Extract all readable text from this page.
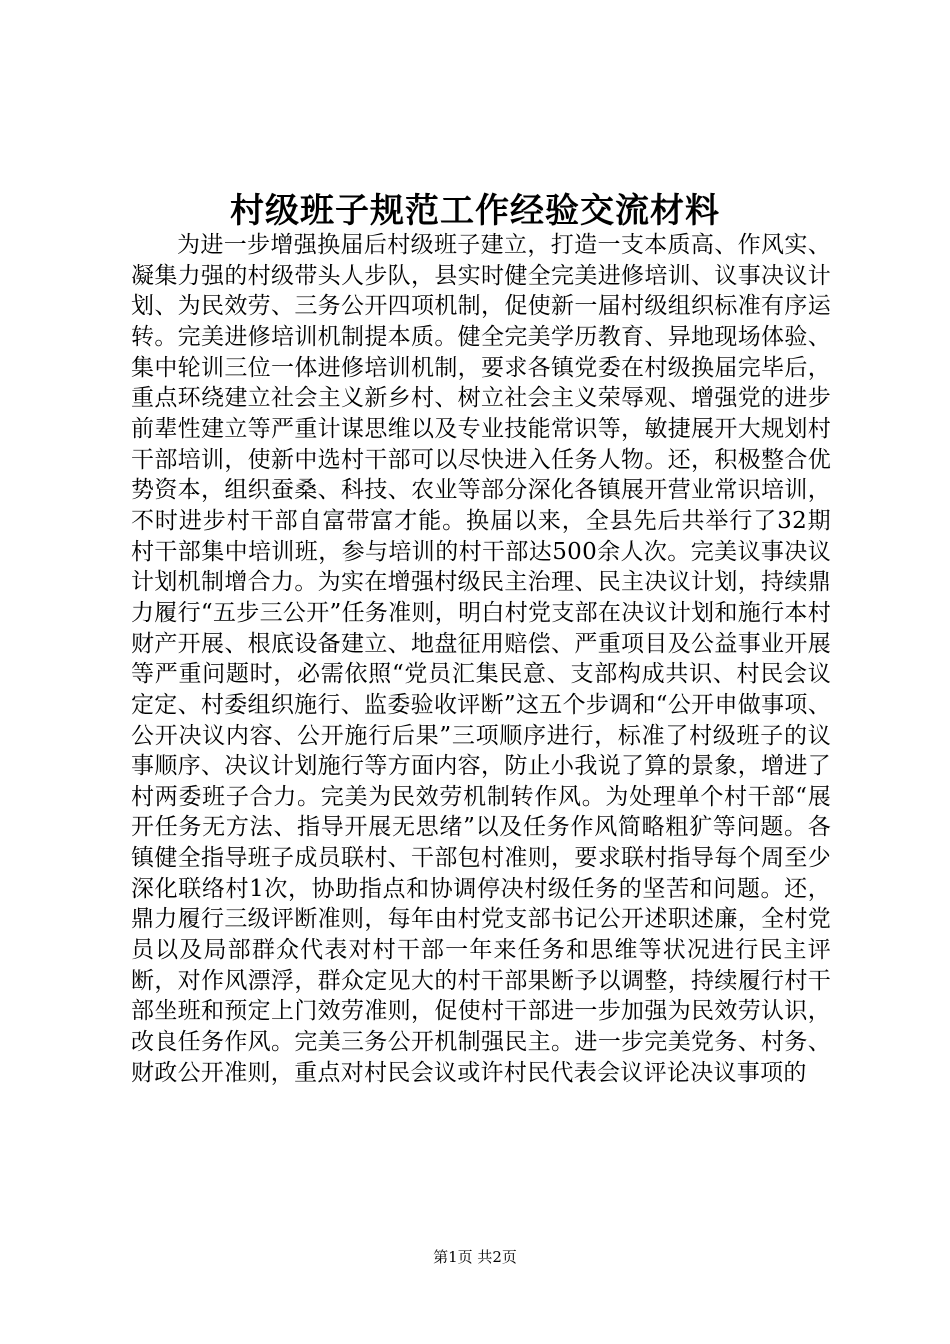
村级班子规范工作经验交流材料

为进一步增强换届后村级班子建立，打造一支本质高、作风实、凝集力强的村级带头人步队，县实时健全完美进修培训、议事决议计划、为民效劳、三务公开四项机制，促使新一届村级组织标准有序运转。完美进修培训机制提本质。健全完美学历教育、异地现场体验、集中轮训三位一体进修培训机制，要求各镇党委在村级换届完毕后，重点环绕建立社会主义新乡村、树立社会主义荣辱观、增强党的进步前辈性建立等严重计谋思维以及专业技能常识等，敏捷展开大规划村干部培训，使新中选村干部可以尽快进入任务人物。还，积极整合优势资本，组织蚕桑、科技、农业等部分深化各镇展开营业常识培训，不时进步村干部自富带富才能。换届以来，全县先后共举行了32期村干部集中培训班，参与培训的村干部达500余人次。完美议事决议计划机制增合力。为实在增强村级民主治理、民主决议计划，持续鼎力履行“五步三公开”任务准则，明白村党支部在决议计划和施行本村财产开展、根底设备建立、地盘征用赔偿、严重项目及公益事业开展等严重问题时，必需依照“党员汇集民意、支部构成共识、村民会议定定、村委组织施行、监委验收评断”这五个步调和“公开申做事项、公开决议内容、公开施行后果”三项顺序进行，标准了村级班子的议事顺序、决议计划施行等方面内容，防止小我说了算的景象，增进了村两委班子合力。完美为民效劳机制转作风。为处理单个村干部“展开任务无方法、指导开展无思绪”以及任务作风简略粗犷等问题。各镇健全指导班子成员联村、干部包村准则，要求联村指导每个周至少深化联络村1次，协助指点和协调停决村级任务的坚苦和问题。还，鼎力履行三级评断准则，每年由村党支部书记公开述职述廉，全村党员以及局部群众代表对村干部一年来任务和思维等状况进行民主评断，对作风漂浮，群众定见大的村干部果断予以调整，持续履行村干部坐班和预定上门效劳准则，促使村干部进一步加强为民效劳认识，改良任务作风。完美三务公开机制强民主。进一步完美党务、村务、财政公开准则，重点对村民会议或许村民代表会议评论决议事项的

第1页 共2页
